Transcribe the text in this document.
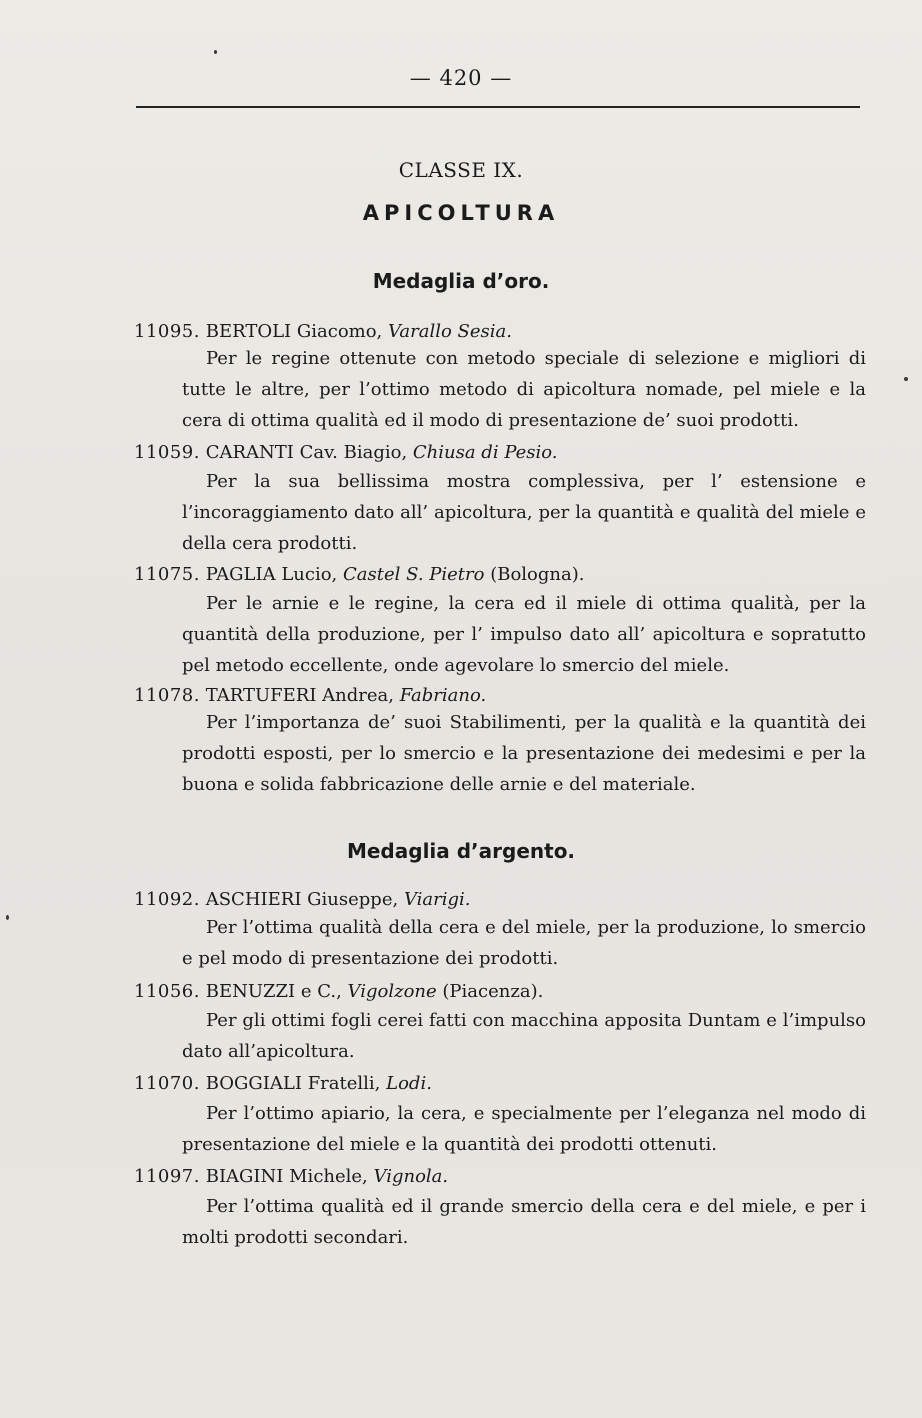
— 420 —
CLASSE IX.
APICOLTURA
Medaglia d’oro.
11095. BERTOLI Giacomo, Varallo Sesia.
Per le regine ottenute con metodo speciale di selezione e migliori di tutte le altre, per l’ottimo metodo di apicoltura nomade, pel miele e la cera di ottima qualità ed il modo di presentazione de’ suoi prodotti.
11059. CARANTI Cav. Biagio, Chiusa di Pesio.
Per la sua bellissima mostra complessiva, per l’ estensione e l’incoraggiamento dato all’ apicoltura, per la quantità e qualità del miele e della cera prodotti.
11075. PAGLIA Lucio, Castel S. Pietro (Bologna).
Per le arnie e le regine, la cera ed il miele di ottima qualità, per la quantità della produzione, per l’ impulso dato all’ apicoltura e sopratutto pel metodo eccellente, onde agevolare lo smercio del miele.
11078. TARTUFERI Andrea, Fabriano.
Per l’importanza de’ suoi Stabilimenti, per la qualità e la quantità dei prodotti esposti, per lo smercio e la presentazione dei medesimi e per la buona e solida fabbricazione delle arnie e del materiale.
Medaglia d’argento.
11092. ASCHIERI Giuseppe, Viarigi.
Per l’ottima qualità della cera e del miele, per la produzione, lo smercio e pel modo di presentazione dei prodotti.
11056. BENUZZI e C., Vigolzone (Piacenza).
Per gli ottimi fogli cerei fatti con macchina apposita Duntam e l’impulso dato all’apicoltura.
11070. BOGGIALI Fratelli, Lodi.
Per l’ottimo apiario, la cera, e specialmente per l’eleganza nel modo di presentazione del miele e la quantità dei prodotti ottenuti.
11097. BIAGINI Michele, Vignola.
Per l’ottima qualità ed il grande smercio della cera e del miele, e per i molti prodotti secondari.
